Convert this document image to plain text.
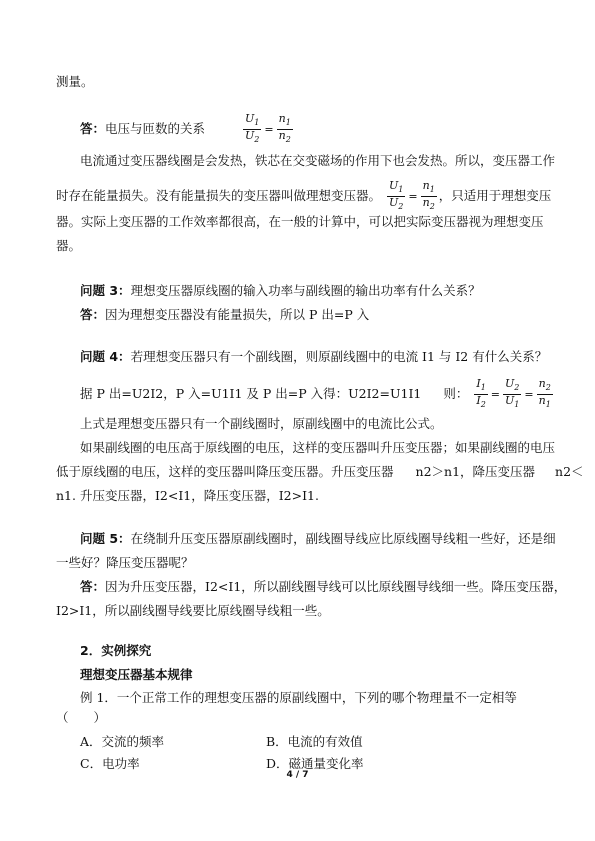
测量。
答：电压与匝数的关系	$\frac{U_1}{U_2} = \frac{n_1}{n_2}$
电流通过变压器线圈是会发热，铁芯在交变磁场的作用下也会发热。所以，变压器工作
时存在能量损失。没有能量损失的变压器叫做理想变压器。 $\frac{U_1}{U_2} = \frac{n_1}{n_2}$ ，只适用于理想变压
器。实际上变压器的工作效率都很高，在一般的计算中，可以把实际变压器视为理想变压
器。
问题 3：理想变压器原线圈的输入功率与副线圈的输出功率有什么关系？
答：因为理想变压器没有能量损失，所以 P 出=P 入
问题 4：若理想变压器只有一个副线圈，则原副线圈中的电流 I1 与 I2 有什么关系？
据 P 出=U2I2，P 入=U1I1 及 P 出=P 入得：U2I2=U1I1 则： $\frac{I_1}{I_2} = \frac{U_2}{U_1} = \frac{n_2}{n_1}$
上式是理想变压器只有一个副线圈时，原副线圈中的电流比公式。
如果副线圈的电压高于原线圈的电压，这样的变压器叫升压变压器；如果副线圈的电压
低于原线圈的电压，这样的变压器叫降压变压器。升压变压器 n2＞n1，降压变压器 n2＜
n1. 升压变压器，I2<I1，降压变压器，I2>I1.
问题 5：在绕制升压变压器原副线圈时，副线圈导线应比原线圈导线粗一些好，还是细
一些好？降压变压器呢？
答：因为升压变压器，I2<I1，所以副线圈导线可以比原线圈导线细一些。降压变压器，
I2>I1，所以副线圈导线要比原线圈导线粗一些。
2．实例探究
理想变压器基本规律
例 1．一个正常工作的理想变压器的原副线圈中，下列的哪个物理量不一定相等
（　　）
A．交流的频率	B．电流的有效值
C．电功率	D．磁通量变化率
4 / 7
